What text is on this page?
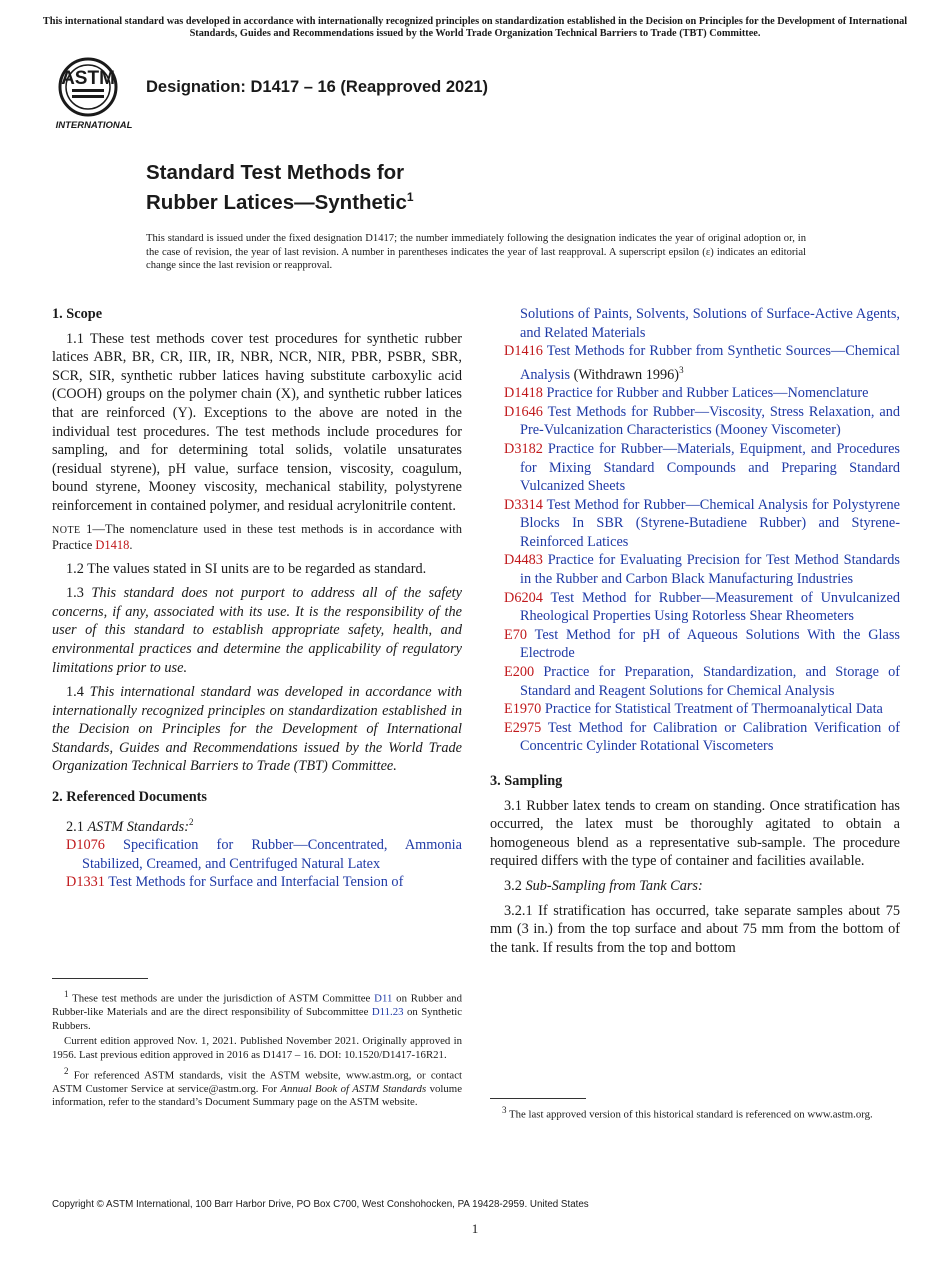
This international standard was developed in accordance with internationally recognized principles on standardization established in the Decision on Principles for the Development of International Standards, Guides and Recommendations issued by the World Trade Organization Technical Barriers to Trade (TBT) Committee.
ASTM
INTERNATIONAL
Designation: D1417 – 16 (Reapproved 2021)
Standard Test Methods for
Rubber Latices—Synthetic$^1$
This standard is issued under the fixed designation D1417; the number immediately following the designation indicates the year of original adoption or, in the case of revision, the year of last revision. A number in parentheses indicates the year of last reapproval. A superscript epsilon (ε) indicates an editorial change since the last revision or reapproval.
1. Scope

1.1 These test methods cover test procedures for synthetic rubber latices ABR, BR, CR, IIR, IR, NBR, NCR, NIR, PBR, PSBR, SBR, SCR, SIR, synthetic rubber latices having substitute carboxylic acid (COOH) groups on the polymer chain (X), and synthetic rubber latices that are reinforced (Y). Exceptions to the above are noted in the individual test procedures. The test methods include procedures for sampling, and for determining total solids, volatile unsaturates (residual styrene), pH value, surface tension, viscosity, coagulum, bound styrene, Mooney viscosity, mechanical stability, polystyrene reinforcement in contained polymer, and residual acrylonitrile content.

NOTE 1—The nomenclature used in these test methods is in accordance with Practice D1418.

1.2 The values stated in SI units are to be regarded as standard.

1.3 This standard does not purport to address all of the safety concerns, if any, associated with its use. It is the responsibility of the user of this standard to establish appropriate safety, health, and environmental practices and determine the applicability of regulatory limitations prior to use.

1.4 This international standard was developed in accordance with internationally recognized principles on standardization established in the Decision on Principles for the Development of International Standards, Guides and Recommendations issued by the World Trade Organization Technical Barriers to Trade (TBT) Committee.

2. Referenced Documents

2.1 ASTM Standards:$^2$

D1076 Specification for Rubber—Concentrated, Ammonia Stabilized, Creamed, and Centrifuged Natural Latex

D1331 Test Methods for Surface and Interfacial Tension of

$^1$ These test methods are under the jurisdiction of ASTM Committee D11 on Rubber and Rubber-like Materials and are the direct responsibility of Subcommittee D11.23 on Synthetic Rubbers.

Current edition approved Nov. 1, 2021. Published November 2021. Originally approved in 1956. Last previous edition approved in 2016 as D1417 – 16. DOI: 10.1520/D1417-16R21.

$^2$ For referenced ASTM standards, visit the ASTM website, www.astm.org, or contact ASTM Customer Service at service@astm.org. For Annual Book of ASTM Standards volume information, refer to the standard’s Document Summary page on the ASTM website.

Solutions of Paints, Solvents, Solutions of Surface-Active Agents, and Related Materials

D1416 Test Methods for Rubber from Synthetic Sources—Chemical Analysis (Withdrawn 1996)$^3$

D1418 Practice for Rubber and Rubber Latices—Nomenclature

D1646 Test Methods for Rubber—Viscosity, Stress Relaxation, and Pre-Vulcanization Characteristics (Mooney Viscometer)

D3182 Practice for Rubber—Materials, Equipment, and Procedures for Mixing Standard Compounds and Preparing Standard Vulcanized Sheets

D3314 Test Method for Rubber—Chemical Analysis for Polystyrene Blocks In SBR (Styrene-Butadiene Rubber) and Styrene-Reinforced Latices

D4483 Practice for Evaluating Precision for Test Method Standards in the Rubber and Carbon Black Manufacturing Industries

D6204 Test Method for Rubber—Measurement of Unvulcanized Rheological Properties Using Rotorless Shear Rheometers

E70 Test Method for pH of Aqueous Solutions With the Glass Electrode

E200 Practice for Preparation, Standardization, and Storage of Standard and Reagent Solutions for Chemical Analysis

E1970 Practice for Statistical Treatment of Thermoanalytical Data

E2975 Test Method for Calibration or Calibration Verification of Concentric Cylinder Rotational Viscometers

3. Sampling

3.1 Rubber latex tends to cream on standing. Once stratification has occurred, the latex must be thoroughly agitated to obtain a homogeneous blend as a representative sub-sample. The procedure required differs with the type of container and facilities available.

3.2 Sub-Sampling from Tank Cars:

3.2.1 If stratification has occurred, take separate samples about 75 mm (3 in.) from the top surface and about 75 mm from the bottom of the tank. If results from the top and bottom

$^3$ The last approved version of this historical standard is referenced on www.astm.org.

Copyright © ASTM International, 100 Barr Harbor Drive, PO Box C700, West Conshohocken, PA 19428-2959. United States
1
